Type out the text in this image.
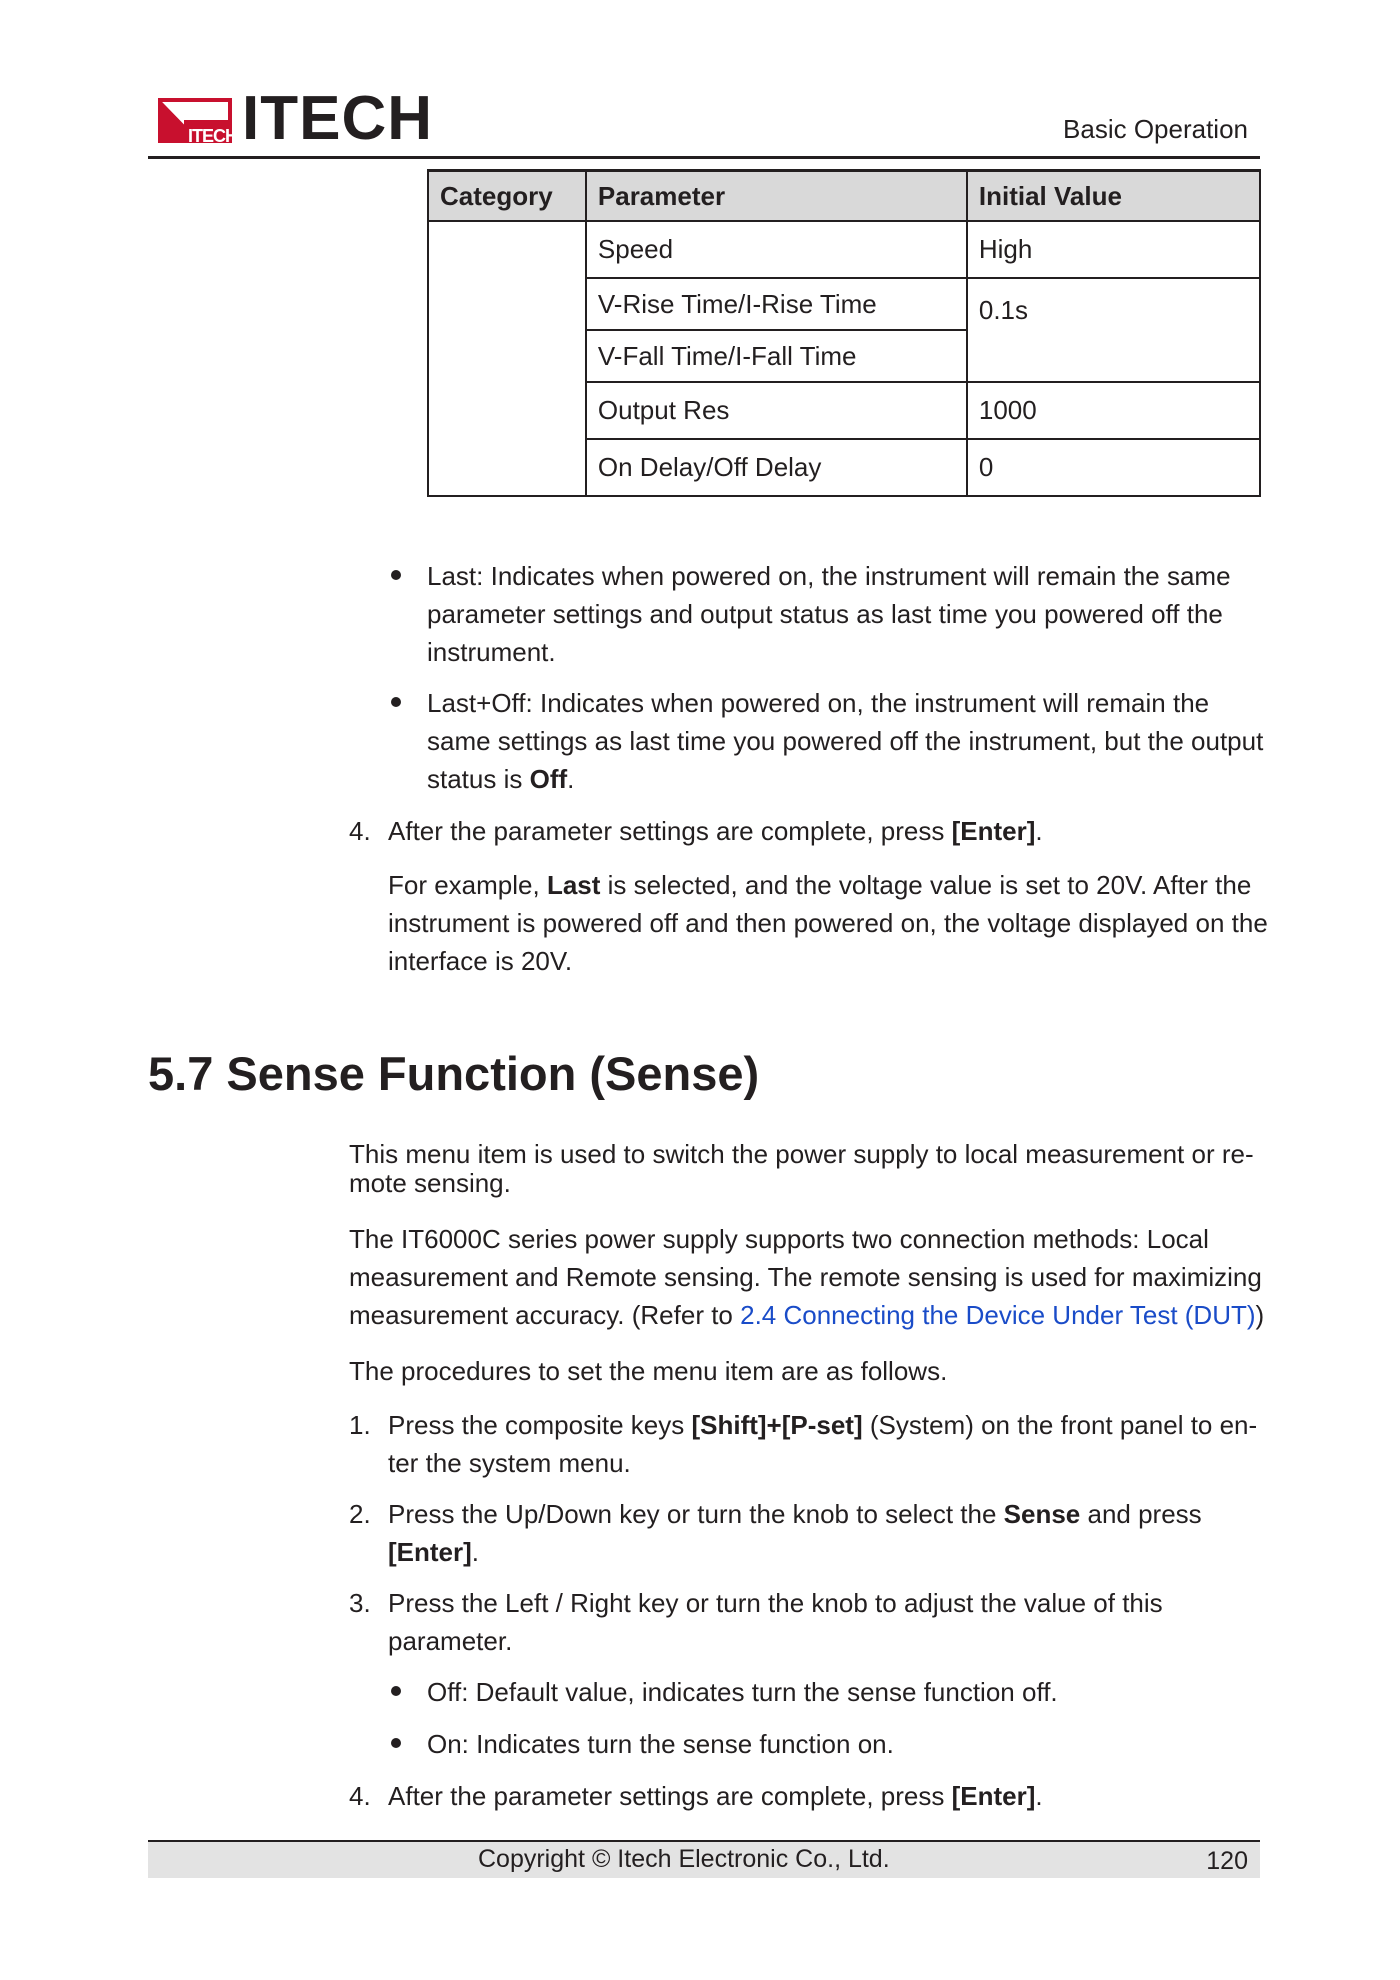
ITECH ITECH	Basic Operation
Category	Parameter	Initial Value
	Speed	High
	V-Rise Time/I-Rise Time	0.1s
	V-Fall Time/I-Fall Time	
	Output Res	1000
	On Delay/Off Delay	0

Last: Indicates when powered on, the instrument will remain the same
parameter settings and output status as last time you powered off the
instrument.

Last+Off: Indicates when powered on, the instrument will remain the
same settings as last time you powered off the instrument, but the output
status is Off.

4. After the parameter settings are complete, press [Enter].

For example, Last is selected, and the voltage value is set to 20V. After the
instrument is powered off and then powered on, the voltage displayed on the
interface is 20V.

5.7 Sense Function (Sense)

This menu item is used to switch the power supply to local measurement or re-
mote sensing.

The IT6000C series power supply supports two connection methods: Local
measurement and Remote sensing. The remote sensing is used for maximizing
measurement accuracy. (Refer to 2.4 Connecting the Device Under Test (DUT))

The procedures to set the menu item are as follows.

1. Press the composite keys [Shift]+[P-set] (System) on the front panel to en-
ter the system menu.

2. Press the Up/Down key or turn the knob to select the Sense and press
[Enter].

3. Press the Left / Right key or turn the knob to adjust the value of this
parameter.

Off: Default value, indicates turn the sense function off.

On: Indicates turn the sense function on.

4. After the parameter settings are complete, press [Enter].

Copyright © Itech Electronic Co., Ltd.	120
